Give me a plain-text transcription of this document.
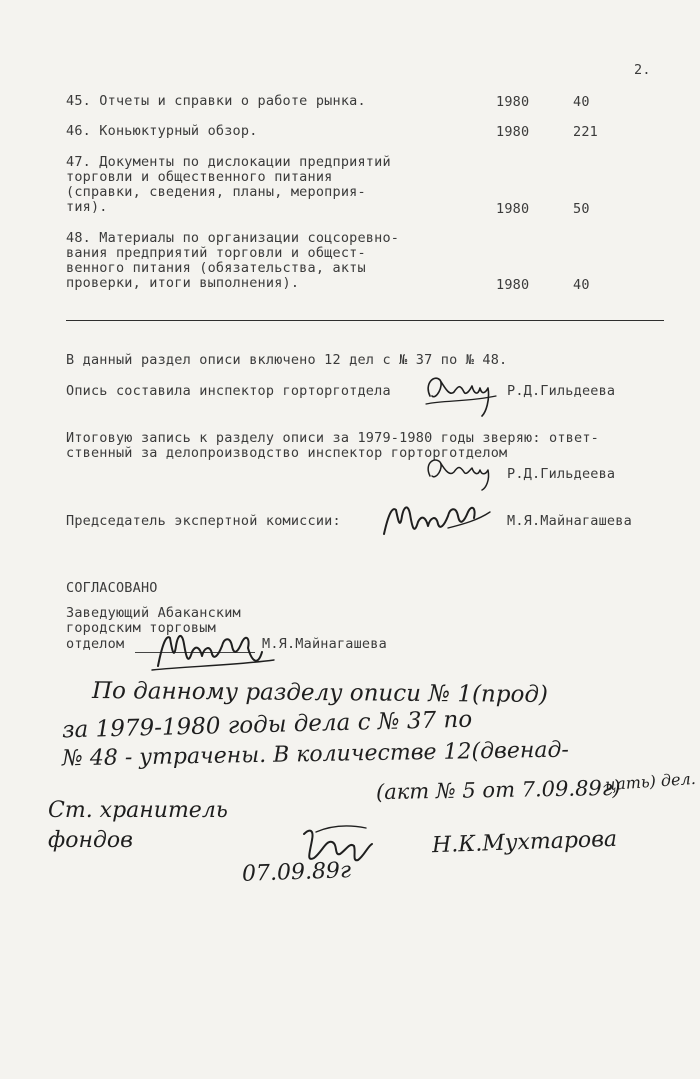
2.
45. Отчеты и справки о работе рынка.	1980	40
46. Коньюктурный обзор.	1980	221
47. Документы по дислокации предприятий
торговли и общественного питания
(справки, сведения, планы, мероприя-
тия).	1980	50
48. Материалы по организации соцсоревно-
вания предприятий торговли и общест-
венного питания (обязательства, акты
проверки, итоги выполнения).	1980	40
В данный раздел описи включено 12 дел с № 37 по № 48.
Опись составила инспектор горторготдела	Р.Д.Гильдеева
Итоговую запись к разделу описи за 1979-1980 годы зверяю: ответ-
ственный за делопроизводство инспектор горторготделом
Р.Д.Гильдеева
Председатель экспертной комиссии:	М.Я.Майнагашева
СОГЛАСОВАНО
Заведующий Абаканским
городским торговым
отделом	М.Я.Майнагашева
По данному разделу описи № 1(прод)
за 1979-1980 годы дела с № 37 по
№ 48 - утрачены. В количестве 12(двенад-
цать) дел.
(акт № 5 от 7.09.89г)
Ст. хранитель
фондов	Н.К.Мухтарова
07.09.89г
